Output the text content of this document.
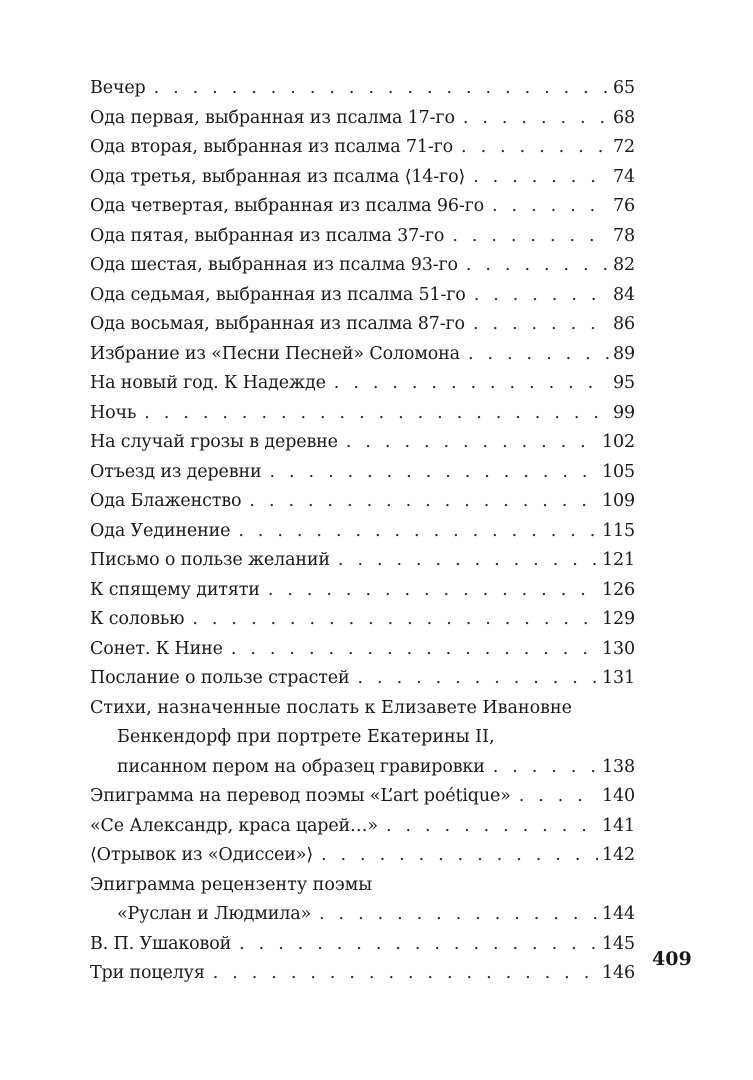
Вечер . . .	65
Ода первая, выбранная из псалма 17-го . . .	68
Ода вторая, выбранная из псалма 71-го . . .	72
Ода третья, выбранная из псалма ⟨14-го⟩ . . .	74
Ода четвертая, выбранная из псалма 96-го . . .	76
Ода пятая, выбранная из псалма 37-го . . .	78
Ода шестая, выбранная из псалма 93-го . . .	82
Ода седьмая, выбранная из псалма 51-го . . .	84
Ода восьмая, выбранная из псалма 87-го . . .	86
Избрание из «Песни Песней» Соломона . . .	89
На новый год. К Надежде . . .	95
Ночь . . .	99
На случай грозы в деревне . . .	102
Отъезд из деревни . . .	105
Ода Блаженство . . .	109
Ода Уединение . . .	115
Письмо о пользе желаний . . .	121
К спящему дитяти . . .	126
К соловью . . .	129
Сонет. К Нине . . .	130
Послание о пользе страстей . . .	131
Стихи, назначенные послать к Елизавете Ивановне
Бенкендорф при портрете Екатерины II,
писанном пером на образец гравировки . . .	138
Эпиграмма на перевод поэмы «L’art poétique» . . .	140
«Се Александр, краса царей…» . . .	141
⟨Отрывок из «Одиссеи»⟩ . . .	142
Эпиграмма рецензенту поэмы
«Руслан и Людмила» . . .	144
В. П. Ушаковой . . .	145
Три поцелуя . . .	146
409
